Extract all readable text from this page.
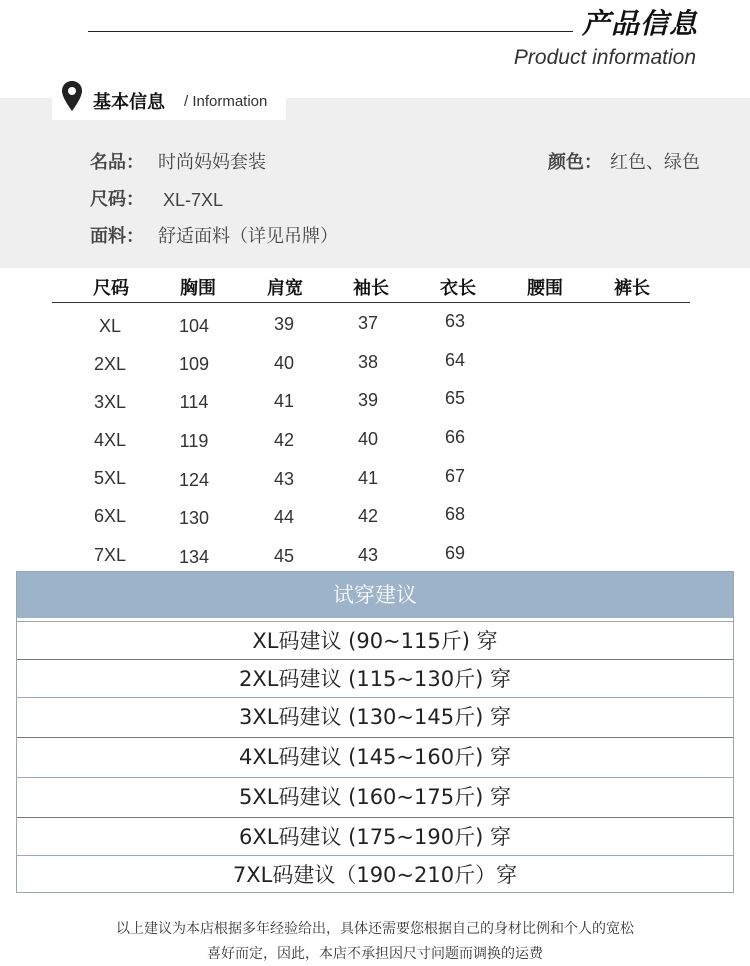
产品信息
Product information
基本信息 / Information
名品： 时尚妈妈套装
尺码： XL-7XL
面料： 舒适面料（详见吊牌）
颜色： 红色、绿色
尺码	胸围	肩宽	袖长	衣长	腰围	裤长
XL	104	39	37	63
2XL	109	40	38	64
3XL	114	41	39	65
4XL	119	42	40	66
5XL	124	43	41	67
6XL	130	44	42	68
7XL	134	45	43	69
试穿建议
XL码建议 (90~115斤) 穿
2XL码建议 (115~130斤) 穿
3XL码建议 (130~145斤) 穿
4XL码建议 (145~160斤) 穿
5XL码建议 (160~175斤) 穿
6XL码建议 (175~190斤) 穿
7XL码建议（190~210斤）穿
以上建议为本店根据多年经验给出，具体还需要您根据自己的身材比例和个人的宽松
喜好而定，因此，本店不承担因尺寸问题而调换的运费
